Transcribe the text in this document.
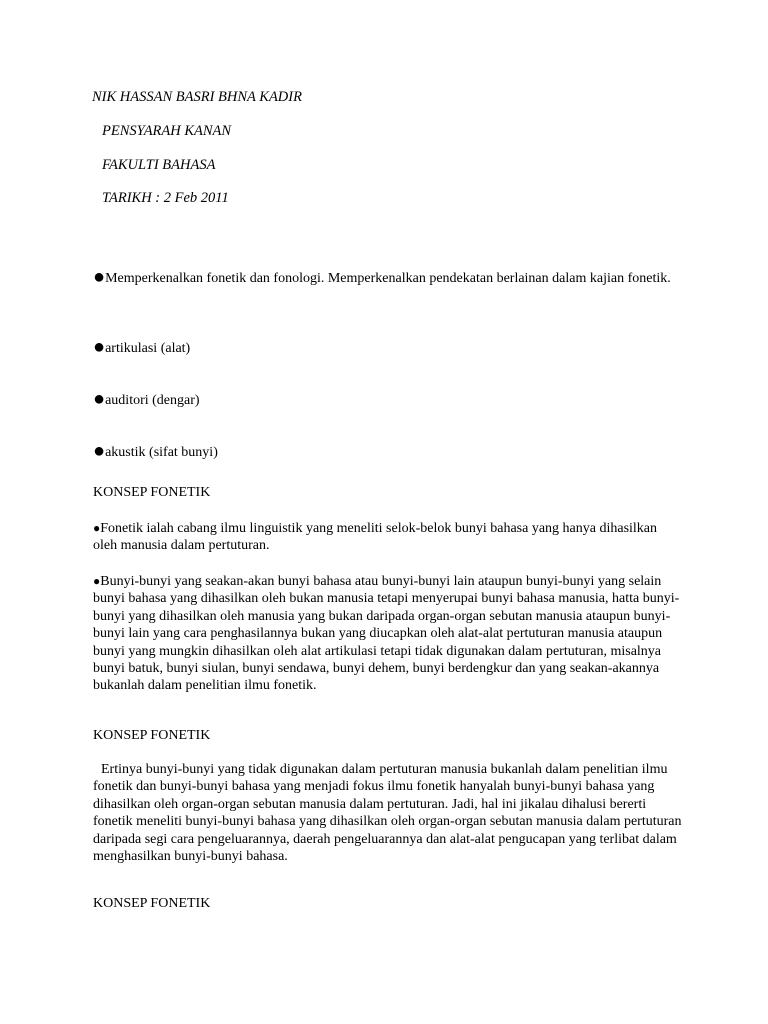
NIK HASSAN BASRI BHNA KADIR
PENSYARAH KANAN
FAKULTI BAHASA
TARIKH : 2 Feb 2011
●Memperkenalkan fonetik dan fonologi. Memperkenalkan pendekatan berlainan dalam kajian fonetik.
●artikulasi (alat)
●auditori (dengar)
●akustik (sifat bunyi)
KONSEP FONETIK
●Fonetik ialah cabang ilmu linguistik yang meneliti selok-belok bunyi bahasa yang hanya dihasilkan oleh manusia dalam pertuturan.
●Bunyi-bunyi yang seakan-akan bunyi bahasa atau bunyi-bunyi lain ataupun bunyi-bunyi yang selain bunyi bahasa yang dihasilkan oleh bukan manusia tetapi menyerupai bunyi bahasa manusia, hatta bunyi-bunyi yang dihasilkan oleh manusia yang bukan daripada organ-organ sebutan manusia ataupun bunyi-bunyi lain yang cara penghasilannya bukan yang diucapkan oleh alat-alat pertuturan manusia ataupun bunyi yang mungkin dihasilkan oleh alat artikulasi tetapi tidak digunakan dalam pertuturan, misalnya bunyi batuk, bunyi siulan, bunyi sendawa, bunyi dehem, bunyi berdengkur dan yang seakan-akannya bukanlah dalam penelitian ilmu fonetik.
KONSEP FONETIK
Ertinya bunyi-bunyi yang tidak digunakan dalam pertuturan manusia bukanlah dalam penelitian ilmu fonetik dan bunyi-bunyi bahasa yang menjadi fokus ilmu fonetik hanyalah bunyi-bunyi bahasa yang dihasilkan oleh organ-organ sebutan manusia dalam pertuturan. Jadi, hal ini jikalau dihalusi bererti fonetik meneliti bunyi-bunyi bahasa yang dihasilkan oleh organ-organ sebutan manusia dalam pertuturan daripada segi cara pengeluarannya, daerah pengeluarannya dan alat-alat pengucapan yang terlibat dalam menghasilkan bunyi-bunyi bahasa.
KONSEP FONETIK
